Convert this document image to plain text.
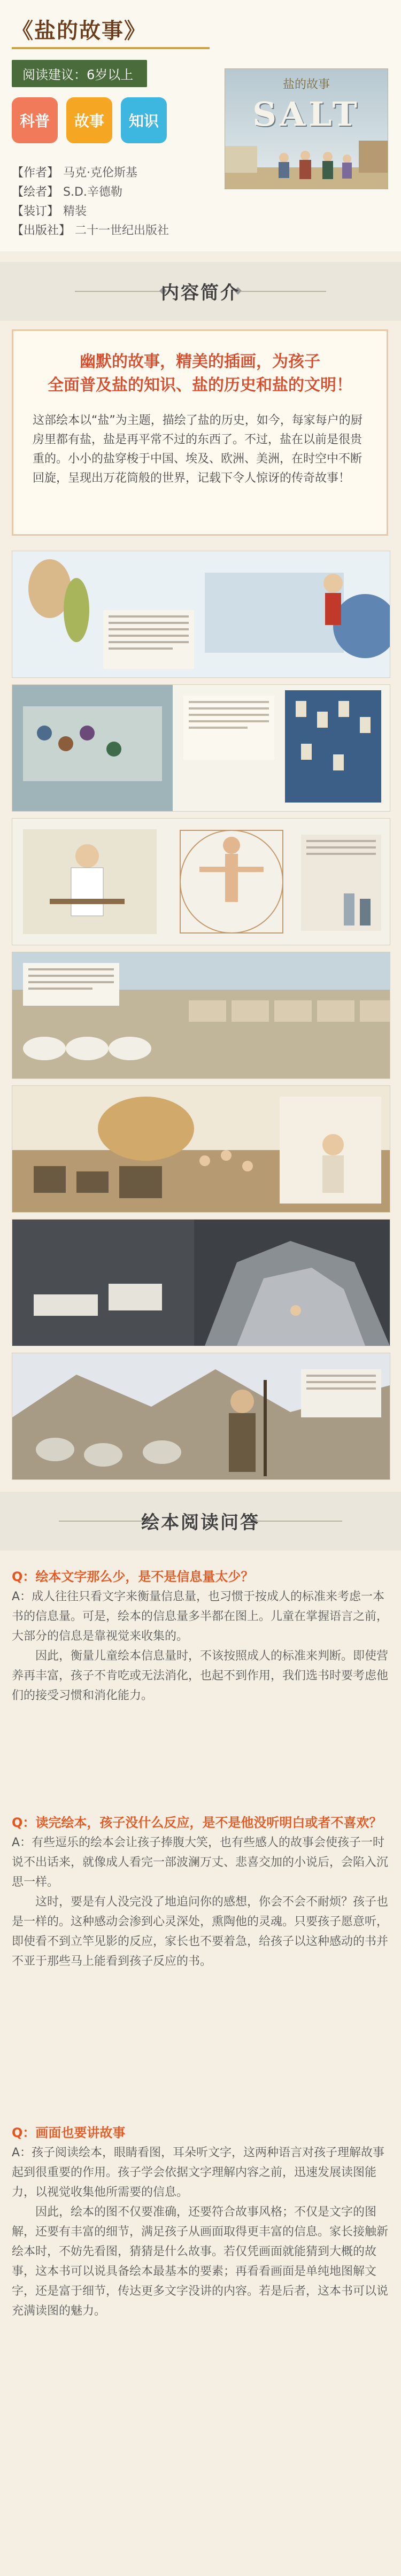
《盐的故事》
阅读建议：6岁以上
科普	故事	知识
【作者】 马克·克伦斯基
【绘者】 S.D.辛德勒
【装订】 精装
【出版社】 二十一世纪出版社
盐的故事
SALT
内容简介
幽默的故事，精美的插画，为孩子
全面普及盐的知识、盐的历史和盐的文明！
这部绘本以“盐”为主题，描绘了盐的历史，如今，每家每户的厨房里都有盐，盐是再平常不过的东西了。不过，盐在以前是很贵重的。小小的盐穿梭于中国、埃及、欧洲、美洲，在时空中不断回旋，呈现出万花筒般的世界，记载下令人惊讶的传奇故事！
绘本阅读问答
Q：绘本文字那么少，是不是信息量太少？
A：成人往往只看文字来衡量信息量，也习惯于按成人的标准来考虑一本书的信息量。可是，绘本的信息量多半都在图上。儿童在掌握语言之前，大部分的信息是靠视觉来收集的。
因此，衡量儿童绘本信息量时，不该按照成人的标准来判断。即使营养再丰富，孩子不肯吃或无法消化，也起不到作用，我们选书时要考虑他们的接受习惯和消化能力。
Q：读完绘本，孩子没什么反应，是不是他没听明白或者不喜欢？
A：有些逗乐的绘本会让孩子捧腹大笑，也有些感人的故事会使孩子一时说不出话来，就像成人看完一部波澜万丈、悲喜交加的小说后，会陷入沉思一样。
这时，要是有人没完没了地追问你的感想，你会不会不耐烦？孩子也是一样的。这种感动会渗到心灵深处，熏陶他的灵魂。只要孩子愿意听，即使看不到立竿见影的反应，家长也不要着急，给孩子以这种感动的书并不亚于那些马上能看到孩子反应的书。
Q：画面也要讲故事
A：孩子阅读绘本，眼睛看图，耳朵听文字，这两种语言对孩子理解故事起到很重要的作用。孩子学会依据文字理解内容之前，迅速发展读图能力，以视觉收集他所需要的信息。
因此，绘本的图不仅要准确，还要符合故事风格；不仅是文字的图解，还要有丰富的细节，满足孩子从画面取得更丰富的信息。家长接触新绘本时，不妨先看图，猜猜是什么故事。若仅凭画面就能猜到大概的故事，这本书可以说具备绘本最基本的要素；再看看画面是单纯地图解文字，还是富于细节，传达更多文字没讲的内容。若是后者，这本书可以说充满读图的魅力。
